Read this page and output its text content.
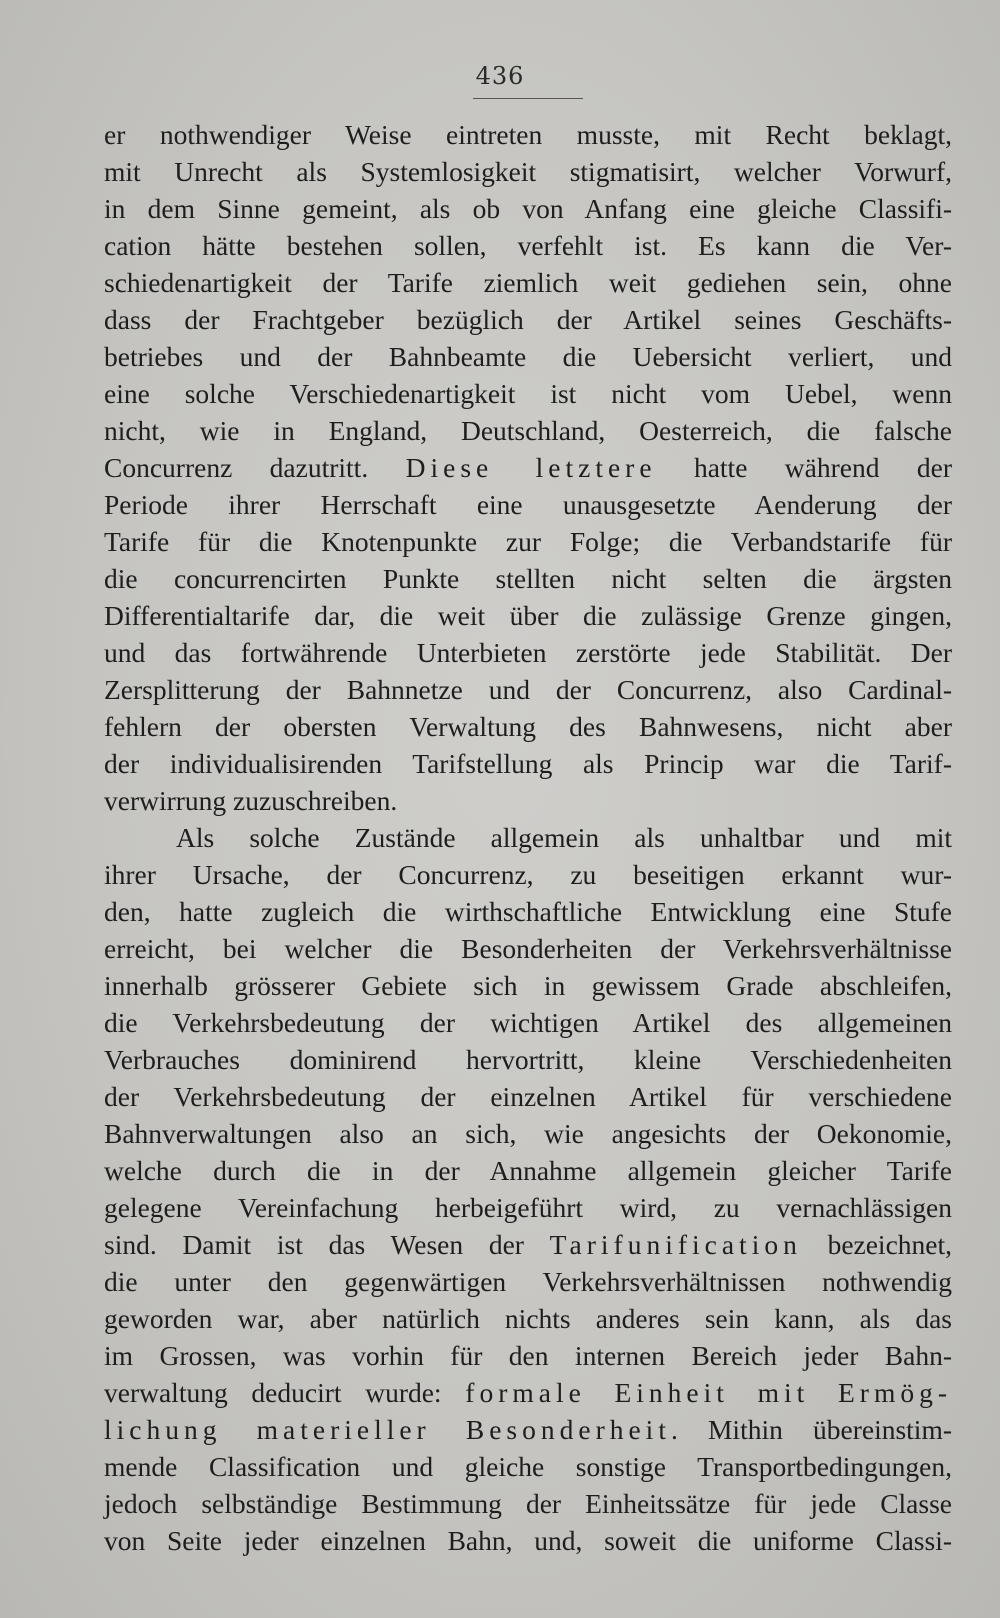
436
er nothwendiger Weise eintreten musste, mit Recht beklagt,
mit Unrecht als Systemlosigkeit stigmatisirt, welcher Vorwurf,
in dem Sinne gemeint, als ob von Anfang eine gleiche Classifi-
cation hätte bestehen sollen, verfehlt ist. Es kann die Ver-
schiedenartigkeit der Tarife ziemlich weit gediehen sein, ohne
dass der Frachtgeber bezüglich der Artikel seines Geschäfts-
betriebes und der Bahnbeamte die Uebersicht verliert, und
eine solche Verschiedenartigkeit ist nicht vom Uebel, wenn
nicht, wie in England, Deutschland, Oesterreich, die falsche
Concurrenz dazutritt. Diese letztere hatte während der
Periode ihrer Herrschaft eine unausgesetzte Aenderung der
Tarife für die Knotenpunkte zur Folge; die Verbandstarife für
die concurrencirten Punkte stellten nicht selten die ärgsten
Differentialtarife dar, die weit über die zulässige Grenze gingen,
und das fortwährende Unterbieten zerstörte jede Stabilität. Der
Zersplitterung der Bahnnetze und der Concurrenz, also Cardinal-
fehlern der obersten Verwaltung des Bahnwesens, nicht aber
der individualisirenden Tarifstellung als Princip war die Tarif-
verwirrung zuzuschreiben.
Als solche Zustände allgemein als unhaltbar und mit
ihrer Ursache, der Concurrenz, zu beseitigen erkannt wur-
den, hatte zugleich die wirthschaftliche Entwicklung eine Stufe
erreicht, bei welcher die Besonderheiten der Verkehrsverhältnisse
innerhalb grösserer Gebiete sich in gewissem Grade abschleifen,
die Verkehrsbedeutung der wichtigen Artikel des allgemeinen
Verbrauches dominirend hervortritt, kleine Verschiedenheiten
der Verkehrsbedeutung der einzelnen Artikel für verschiedene
Bahnverwaltungen also an sich, wie angesichts der Oekonomie,
welche durch die in der Annahme allgemein gleicher Tarife
gelegene Vereinfachung herbeigeführt wird, zu vernachlässigen
sind. Damit ist das Wesen der Tarifunification bezeichnet,
die unter den gegenwärtigen Verkehrsverhältnissen nothwendig
geworden war, aber natürlich nichts anderes sein kann, als das
im Grossen, was vorhin für den internen Bereich jeder Bahn-
verwaltung deducirt wurde: formale Einheit mit Ermög-
lichung materieller Besonderheit. Mithin übereinstim-
mende Classification und gleiche sonstige Transportbedingungen,
jedoch selbständige Bestimmung der Einheitssätze für jede Classe
von Seite jeder einzelnen Bahn, und, soweit die uniforme Classi-
